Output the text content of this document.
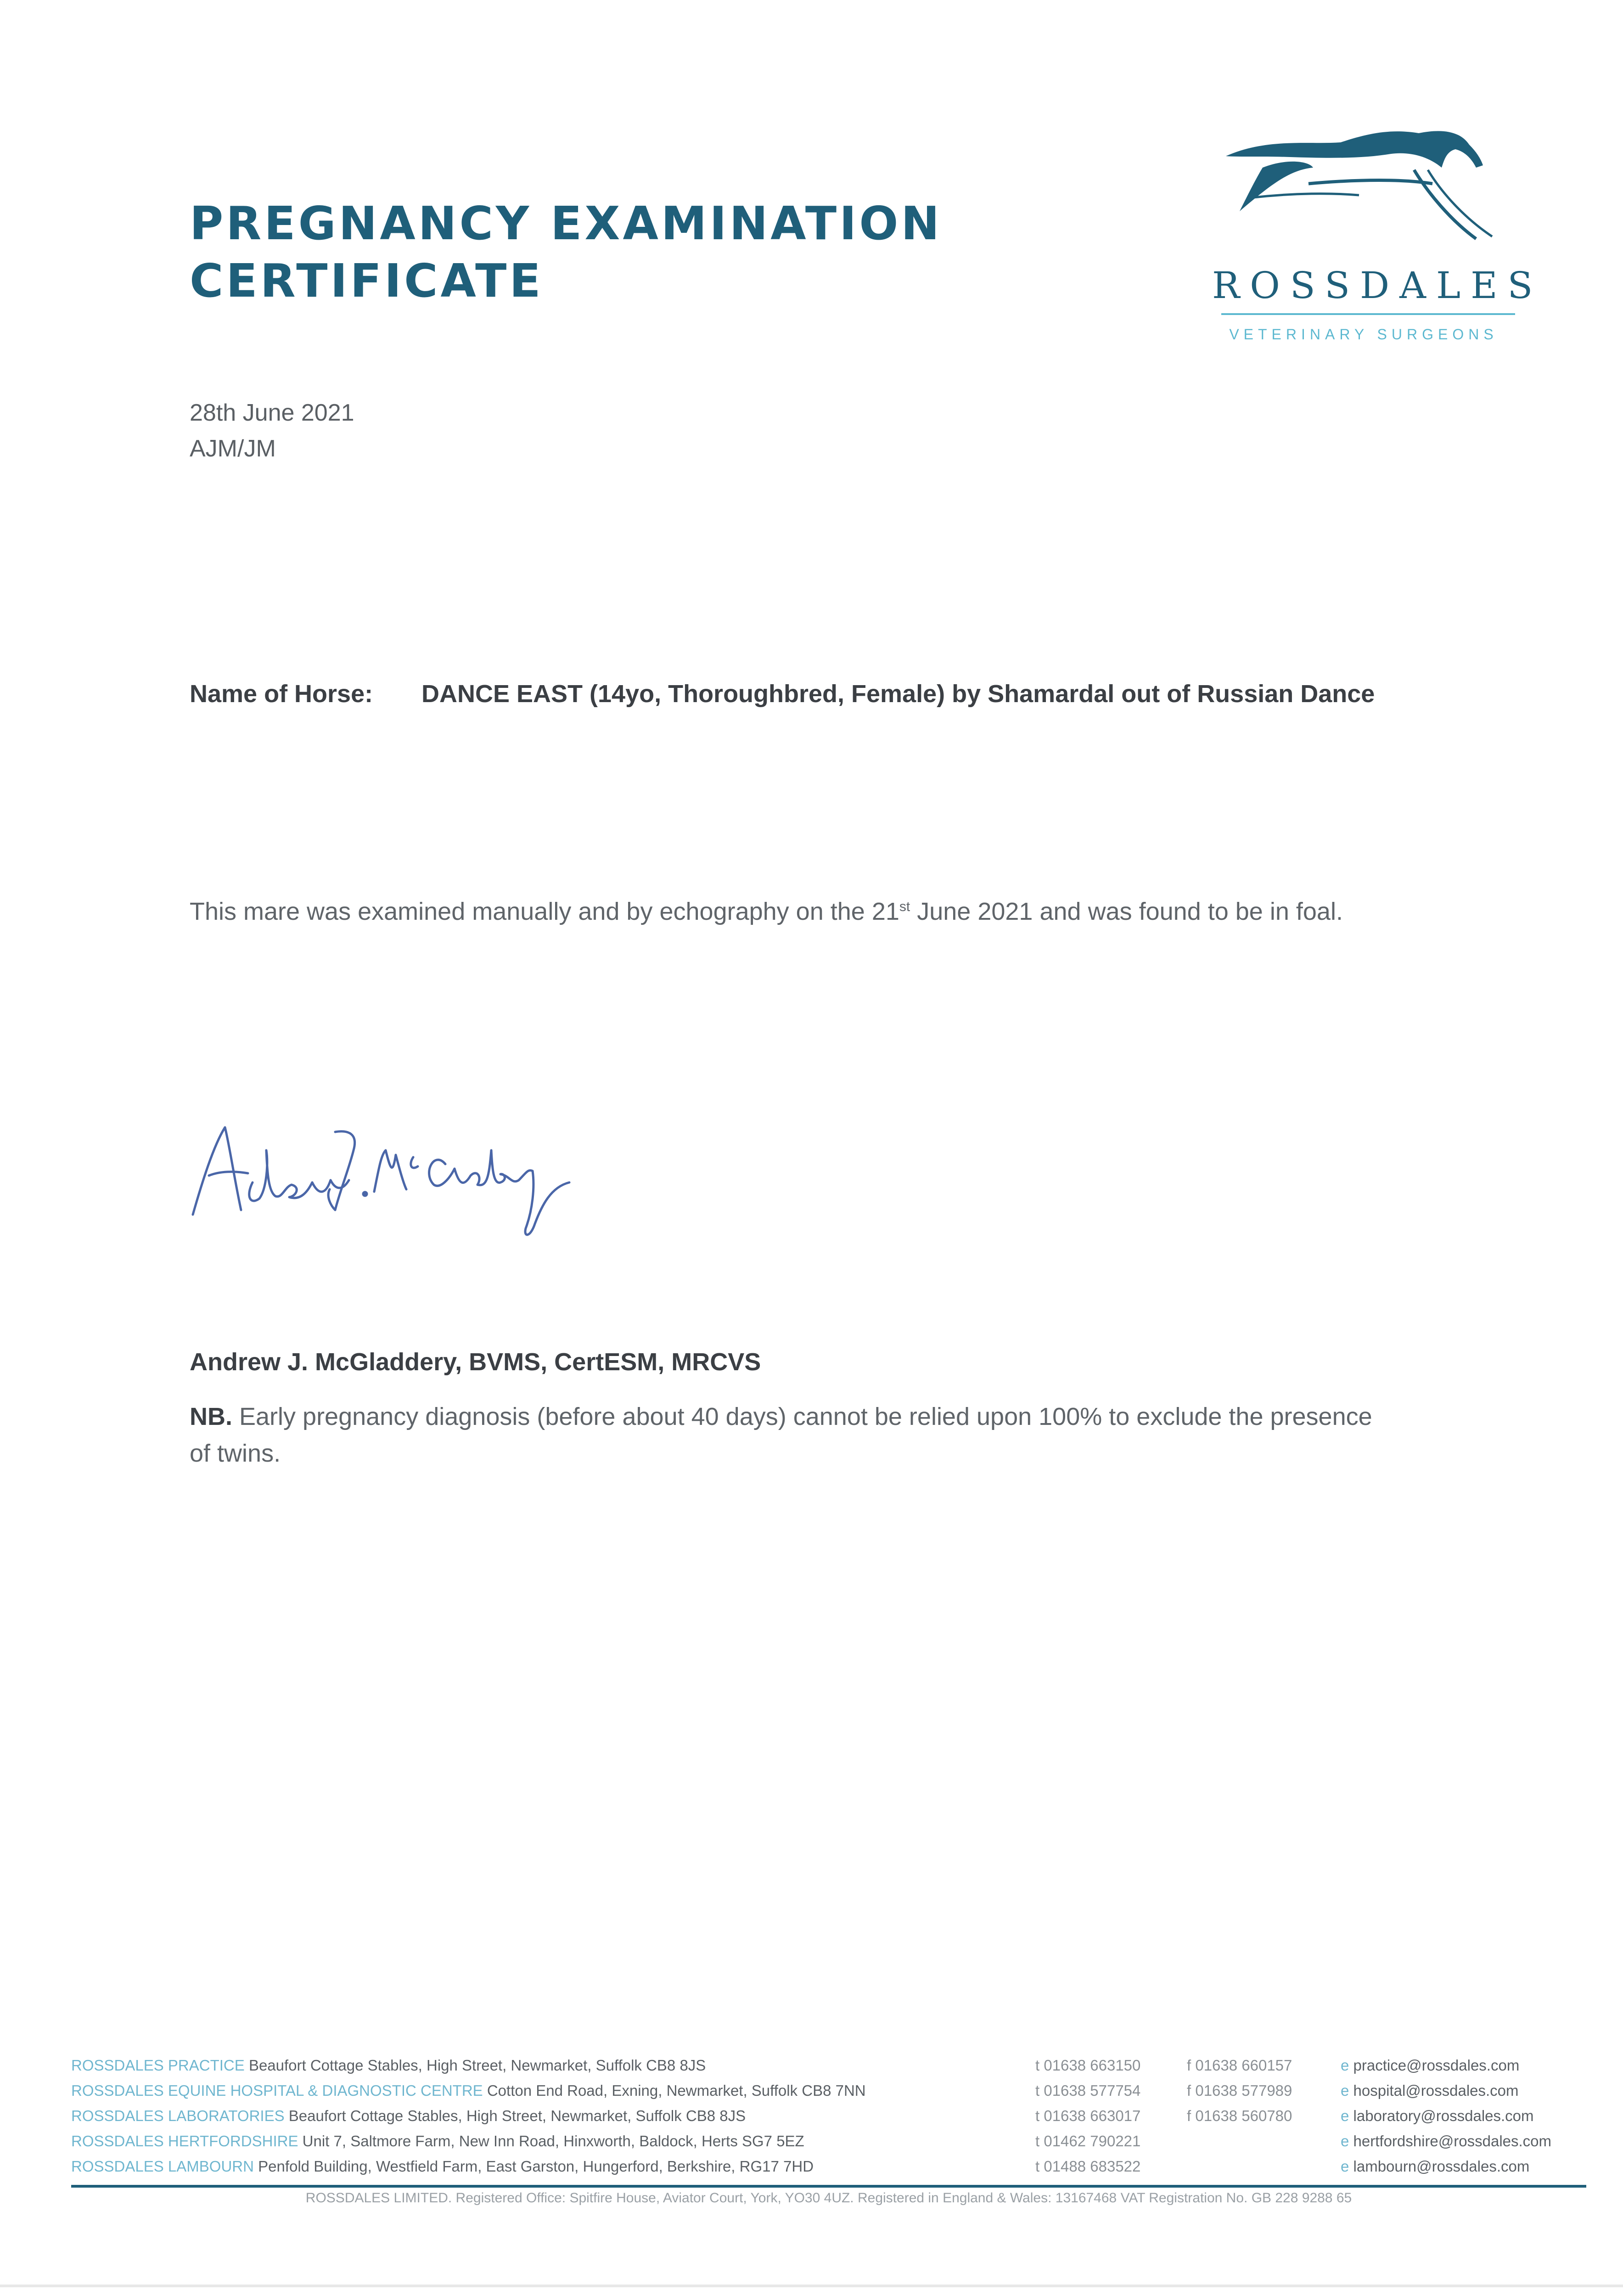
PREGNANCY EXAMINATION
CERTIFICATE	ROSSDALES
VETERINARY SURGEONS
28th June 2021
AJM/JM
Name of Horse: DANCE EAST (14yo, Thoroughbred, Female) by Shamardal out of Russian Dance
This mare was examined manually and by echography on the 21st June 2021 and was found to be in foal.
Andrew J. McGladdery, BVMS, CertESM, MRCVS
NB. Early pregnancy diagnosis (before about 40 days) cannot be relied upon 100% to exclude the presence of twins.
ROSSDALES PRACTICE Beaufort Cottage Stables, High Street, Newmarket, Suffolk CB8 8JS	t 01638 663150	f 01638 660157	e practice@rossdales.com
ROSSDALES EQUINE HOSPITAL & DIAGNOSTIC CENTRE Cotton End Road, Exning, Newmarket, Suffolk CB8 7NN	t 01638 577754	f 01638 577989	e hospital@rossdales.com
ROSSDALES LABORATORIES Beaufort Cottage Stables, High Street, Newmarket, Suffolk CB8 8JS	t 01638 663017	f 01638 560780	e laboratory@rossdales.com
ROSSDALES HERTFORDSHIRE Unit 7, Saltmore Farm, New Inn Road, Hinxworth, Baldock, Herts SG7 5EZ	t 01462 790221	e hertfordshire@rossdales.com
ROSSDALES LAMBOURN Penfold Building, Westfield Farm, East Garston, Hungerford, Berkshire, RG17 7HD	t 01488 683522	e lambourn@rossdales.com
ROSSDALES LIMITED. Registered Office: Spitfire House, Aviator Court, York, YO30 4UZ. Registered in England & Wales: 13167468 VAT Registration No. GB 228 9288 65
